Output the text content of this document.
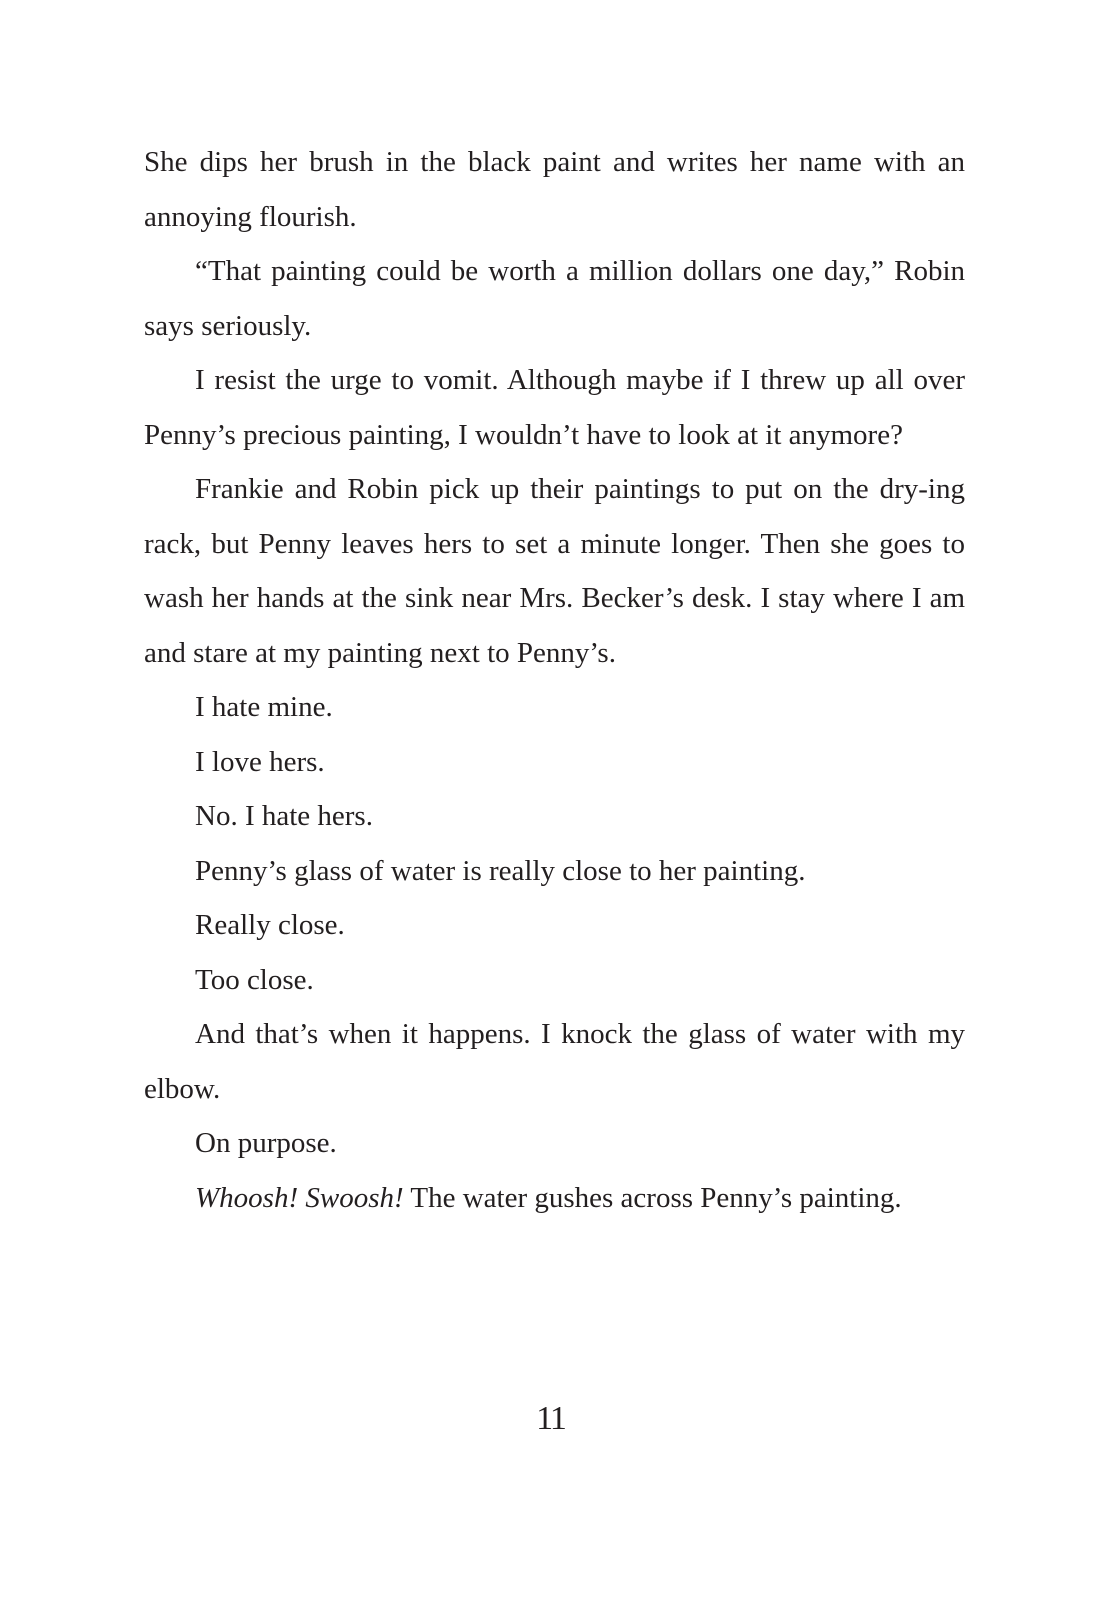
She dips her brush in the black paint and writes her name with an annoying flourish.

“That painting could be worth a million dollars one day,” Robin says seriously.

I resist the urge to vomit. Although maybe if I threw up all over Penny’s precious painting, I wouldn’t have to look at it anymore?

Frankie and Robin pick up their paintings to put on the dry-ing rack, but Penny leaves hers to set a minute longer. Then she goes to wash her hands at the sink near Mrs. Becker’s desk. I stay where I am and stare at my painting next to Penny’s.

I hate mine.

I love hers.

No. I hate hers.

Penny’s glass of water is really close to her painting.

Really close.

Too close.

And that’s when it happens. I knock the glass of water with my elbow.

On purpose.

Whoosh! Swoosh! The water gushes across Penny’s painting.

11
